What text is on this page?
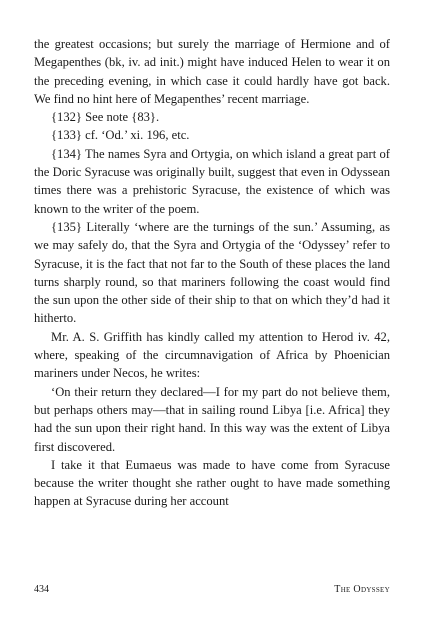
the greatest occasions; but surely the marriage of Hermione and of Megapenthes (bk, iv. ad init.) might have induced Helen to wear it on the preceding evening, in which case it could hardly have got back. We find no hint here of Megapenthes’ recent marriage.

{132} See note {83}.

{133} cf. ‘Od.’ xi. 196, etc.

{134} The names Syra and Ortygia, on which island a great part of the Doric Syracuse was originally built, suggest that even in Odyssean times there was a prehistoric Syracuse, the existence of which was known to the writer of the poem.

{135} Literally ‘where are the turnings of the sun.’ Assuming, as we may safely do, that the Syra and Ortygia of the ‘Odyssey’ refer to Syracuse, it is the fact that not far to the South of these places the land turns sharply round, so that mariners following the coast would find the sun upon the other side of their ship to that on which they’d had it hitherto.

Mr. A. S. Griffith has kindly called my attention to Herod iv. 42, where, speaking of the circumnavigation of Africa by Phoenician mariners under Necos, he writes:

‘On their return they declared—I for my part do not believe them, but perhaps others may—that in sailing round Libya [i.e. Africa] they had the sun upon their right hand. In this way was the extent of Libya first discovered.

I take it that Eumaeus was made to have come from Syracuse because the writer thought she rather ought to have made something happen at Syracuse during her account

434	The Odyssey
